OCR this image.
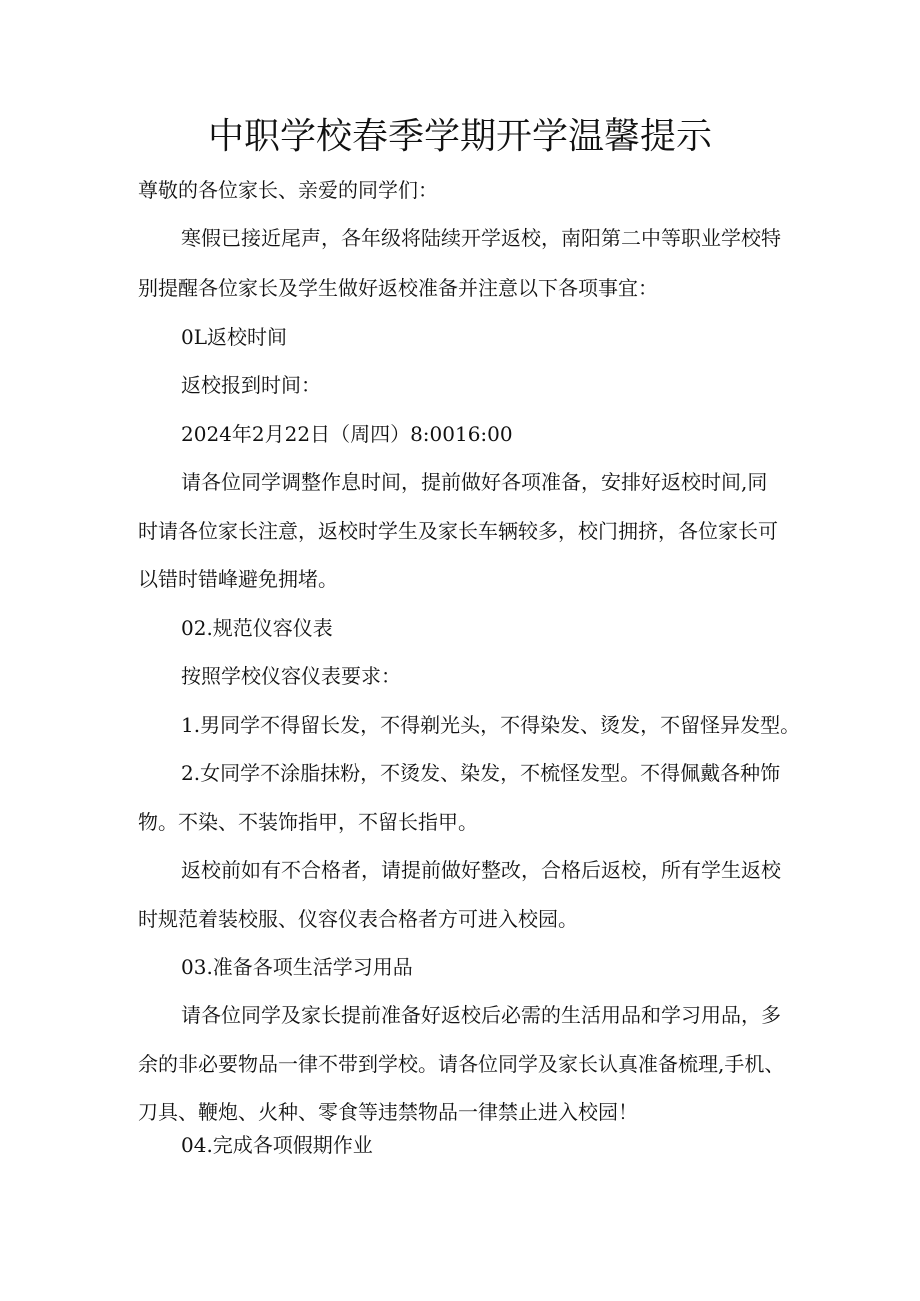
中职学校春季学期开学温馨提示
尊敬的各位家长、亲爱的同学们：
寒假已接近尾声，各年级将陆续开学返校，南阳第二中等职业学校特
别提醒各位家长及学生做好返校准备并注意以下各项事宜：
0L返校时间
返校报到时间：
2024年2月22日（周四）8:0016:00
请各位同学调整作息时间，提前做好各项准备，安排好返校时间,同
时请各位家长注意，返校时学生及家长车辆较多，校门拥挤，各位家长可
以错时错峰避免拥堵。
02.规范仪容仪表
按照学校仪容仪表要求：
1.男同学不得留长发，不得剃光头，不得染发、烫发，不留怪异发型。
2.女同学不涂脂抹粉，不烫发、染发，不梳怪发型。不得佩戴各种饰
物。不染、不装饰指甲，不留长指甲。
返校前如有不合格者，请提前做好整改，合格后返校，所有学生返校
时规范着装校服、仪容仪表合格者方可进入校园。
03.准备各项生活学习用品
请各位同学及家长提前准备好返校后必需的生活用品和学习用品，多
余的非必要物品一律不带到学校。请各位同学及家长认真准备梳理,手机、
刀具、鞭炮、火种、零食等违禁物品一律禁止进入校园！
04.完成各项假期作业
